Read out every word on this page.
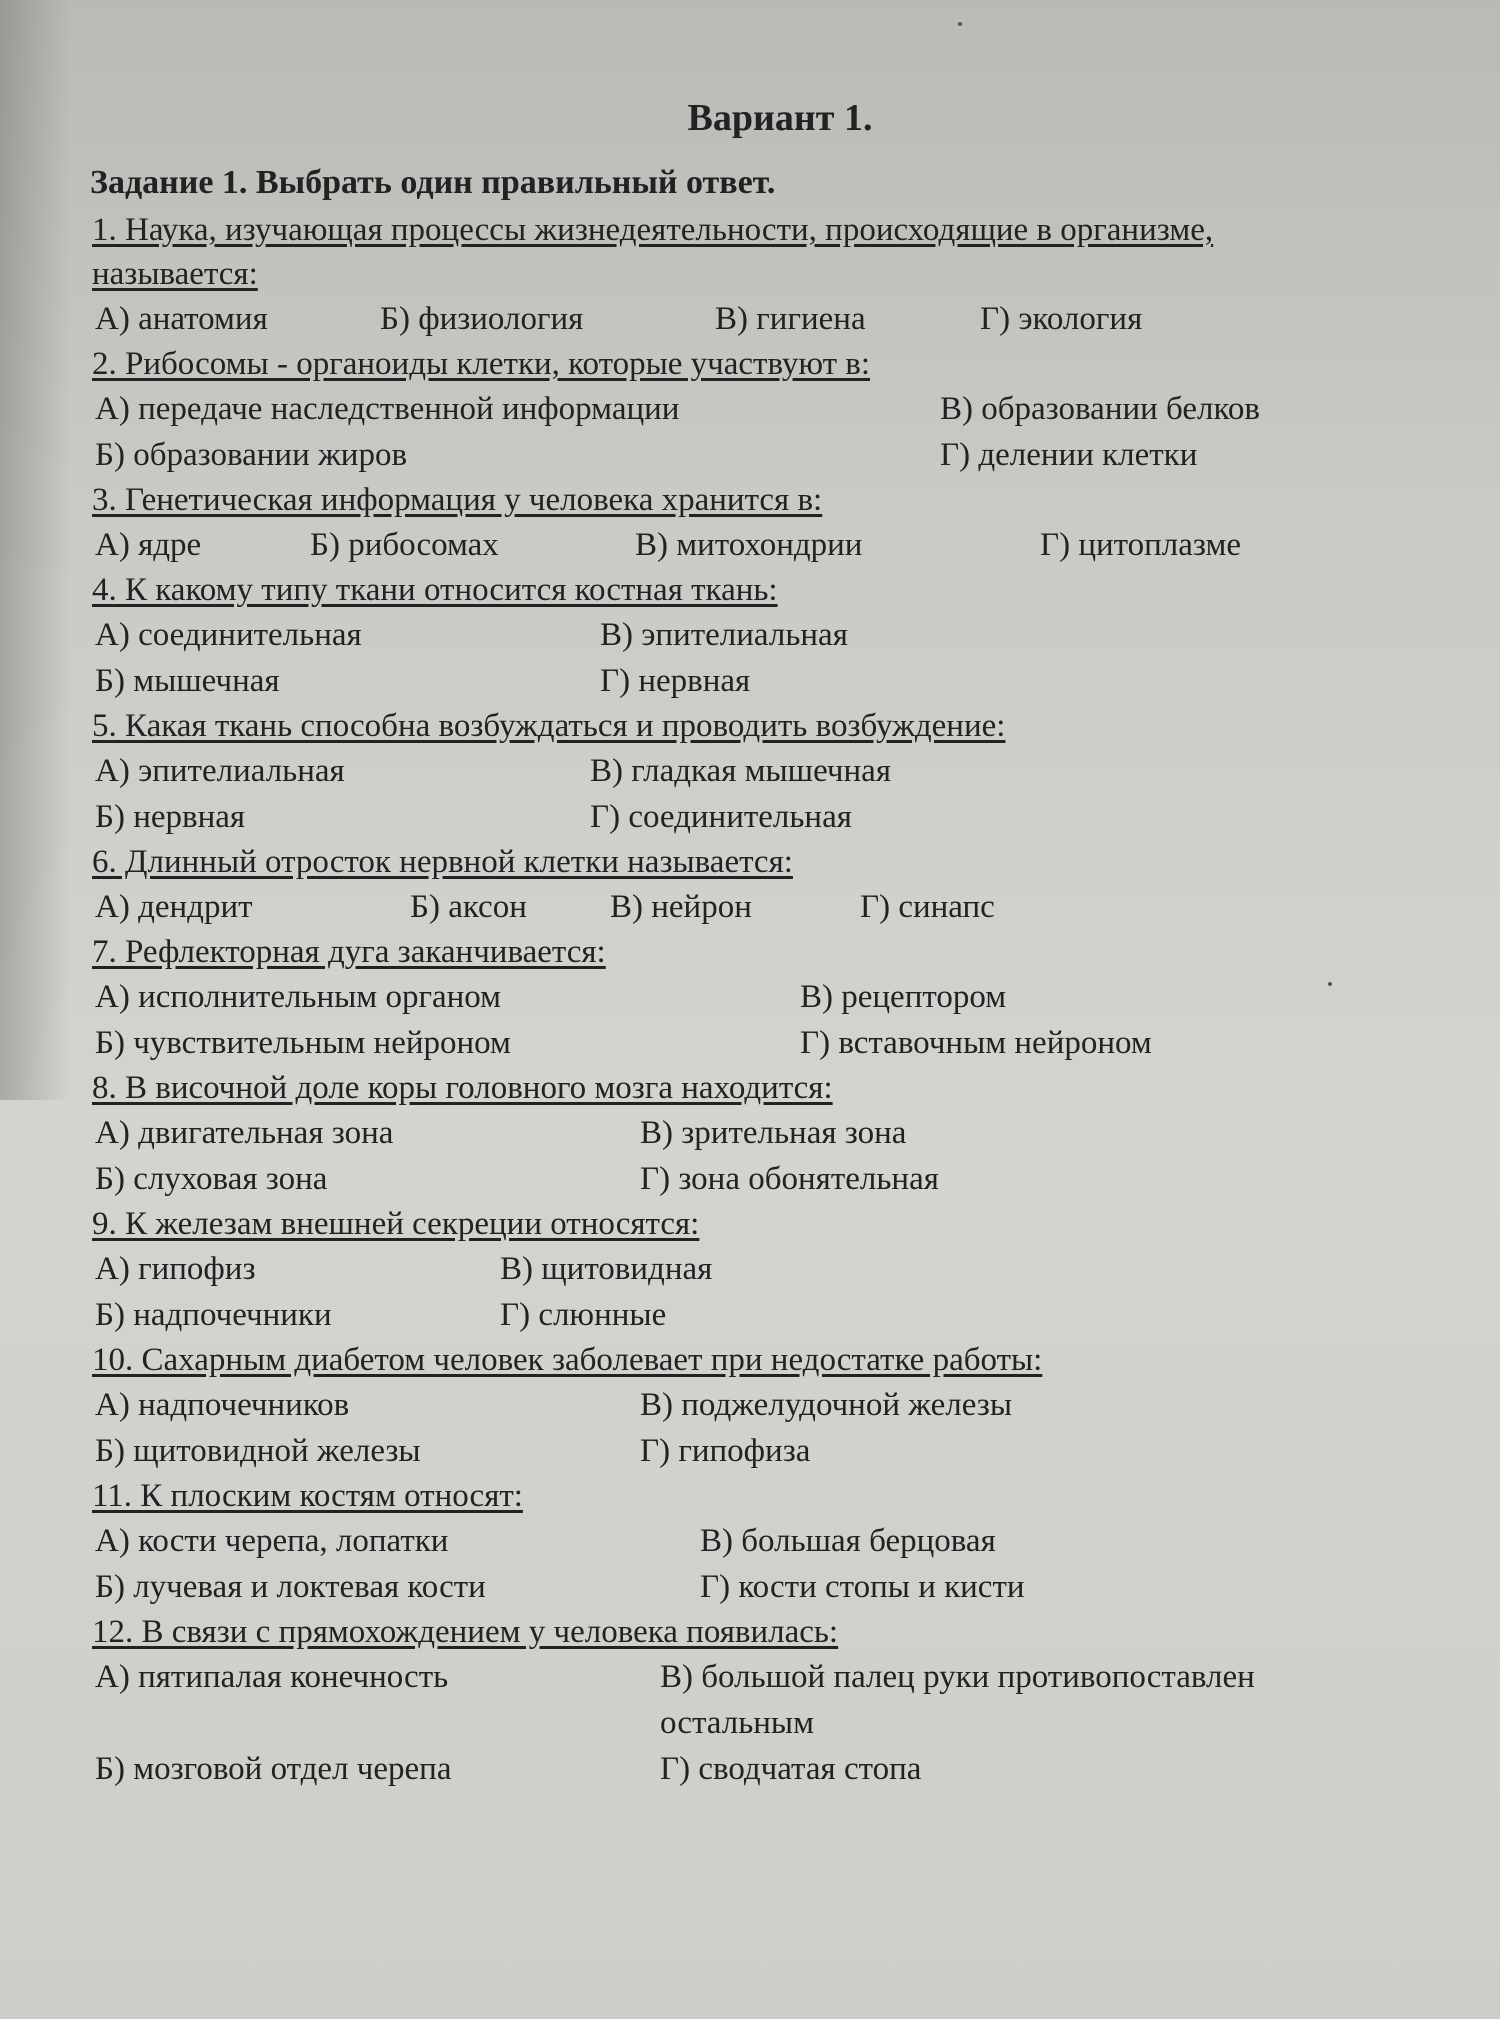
Вариант 1.
Задание 1. Выбрать один правильный ответ.
1. Наука, изучающая процессы жизнедеятельности, происходящие в организме, называется:
А) анатомия	Б) физиология	В) гигиена	Г) экология
2. Рибосомы - органоиды клетки, которые участвуют в:
А) передаче наследственной информации	В) образовании белков
Б) образовании жиров	Г) делении клетки
3. Генетическая информация у человека хранится в:
А) ядре	Б) рибосомах	В) митохондрии	Г) цитоплазме
4. К какому типу ткани относится костная ткань:
А) соединительная	В) эпителиальная
Б) мышечная	Г) нервная
5. Какая ткань способна возбуждаться и проводить возбуждение:
А) эпителиальная	В) гладкая мышечная
Б) нервная	Г) соединительная
6. Длинный отросток нервной клетки называется:
А) дендрит	Б) аксон	В) нейрон	Г) синапс
7. Рефлекторная дуга заканчивается:
А) исполнительным органом	В) рецептором
Б) чувствительным нейроном	Г) вставочным нейроном
8. В височной доле коры головного мозга находится:
А) двигательная зона	В) зрительная зона
Б) слуховая зона	Г) зона обонятельная
9. К железам внешней секреции относятся:
А) гипофиз	В) щитовидная
Б) надпочечники	Г) слюнные
10. Сахарным диабетом человек заболевает при недостатке работы:
А) надпочечников	В) поджелудочной железы
Б) щитовидной железы	Г) гипофиза
11. К плоским костям относят:
А) кости черепа, лопатки	В) большая берцовая
Б) лучевая и локтевая кости	Г) кости стопы и кисти
12. В связи с прямохождением у человека появилась:
А) пятипалая конечность	В) большой палец руки противопоставлен остальным
Б) мозговой отдел черепа	Г) сводчатая стопа
